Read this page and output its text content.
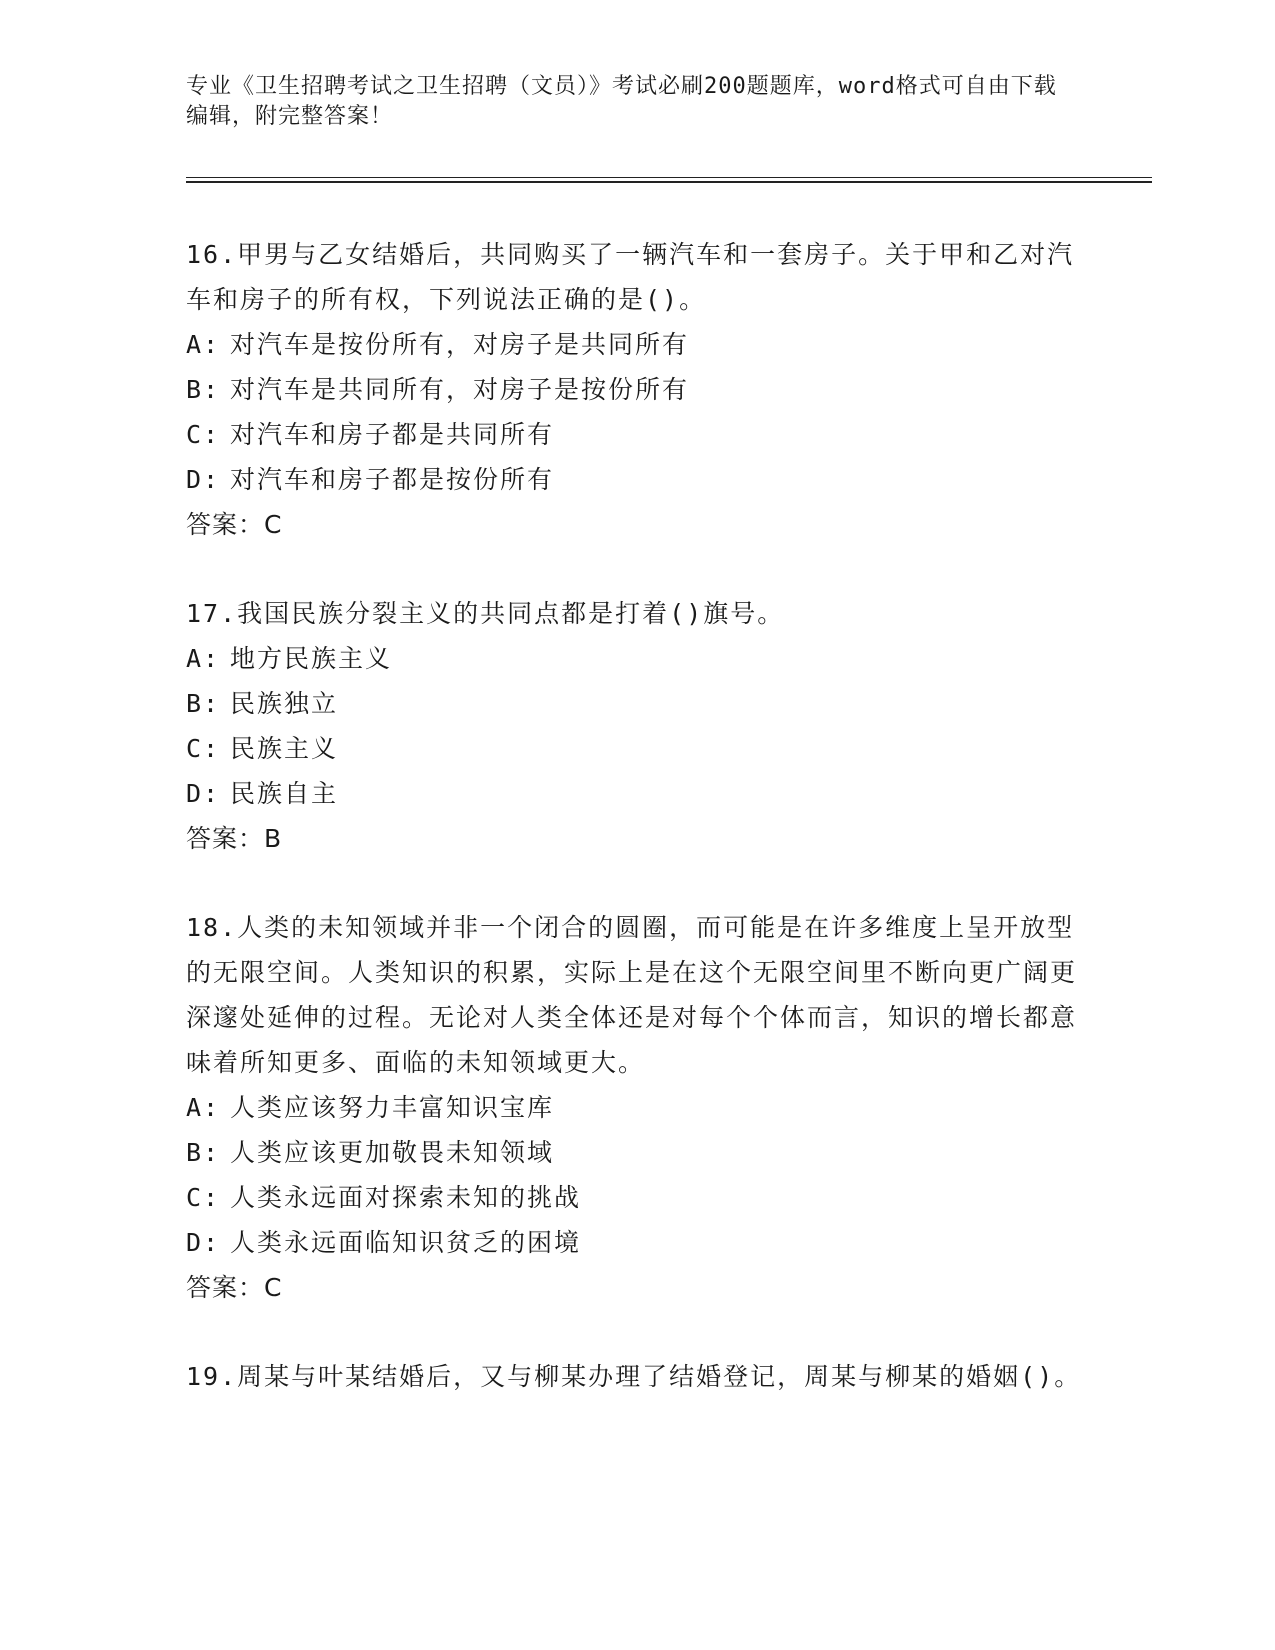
专业《卫生招聘考试之卫生招聘（文员）》考试必刷200题题库，word格式可自由下载编辑，附完整答案！
16.甲男与乙女结婚后，共同购买了一辆汽车和一套房子。关于甲和乙对汽车和房子的所有权，下列说法正确的是()。
A: 对汽车是按份所有，对房子是共同所有
B: 对汽车是共同所有，对房子是按份所有
C: 对汽车和房子都是共同所有
D: 对汽车和房子都是按份所有
答案：C
17.我国民族分裂主义的共同点都是打着()旗号。
A: 地方民族主义
B: 民族独立
C: 民族主义
D: 民族自主
答案：B
18.人类的未知领域并非一个闭合的圆圈，而可能是在许多维度上呈开放型的无限空间。人类知识的积累，实际上是在这个无限空间里不断向更广阔更深邃处延伸的过程。无论对人类全体还是对每个个体而言，知识的增长都意味着所知更多、面临的未知领域更大。
A: 人类应该努力丰富知识宝库
B: 人类应该更加敬畏未知领域
C: 人类永远面对探索未知的挑战
D: 人类永远面临知识贫乏的困境
答案：C
19.周某与叶某结婚后，又与柳某办理了结婚登记，周某与柳某的婚姻()。
